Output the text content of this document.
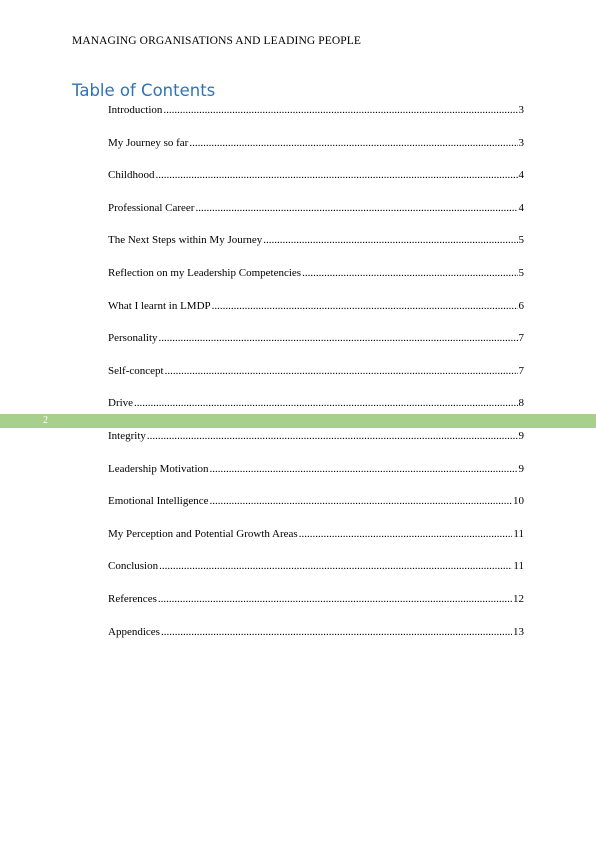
MANAGING ORGANISATIONS AND LEADING PEOPLE
Table of Contents
Introduction .....	3
My Journey so far .....	3
Childhood .....	4
Professional Career .....	4
The Next Steps within My Journey .....	5
Reflection on my Leadership Competencies .....	5
What I learnt in LMDP .....	6
Personality .....	7
Self-concept .....	7
Drive .....	8
Integrity .....	9
Leadership Motivation .....	9
Emotional Intelligence .....	10
My Perception and Potential Growth Areas .....	11
Conclusion .....	11
References .....	12
Appendices .....	13
2
